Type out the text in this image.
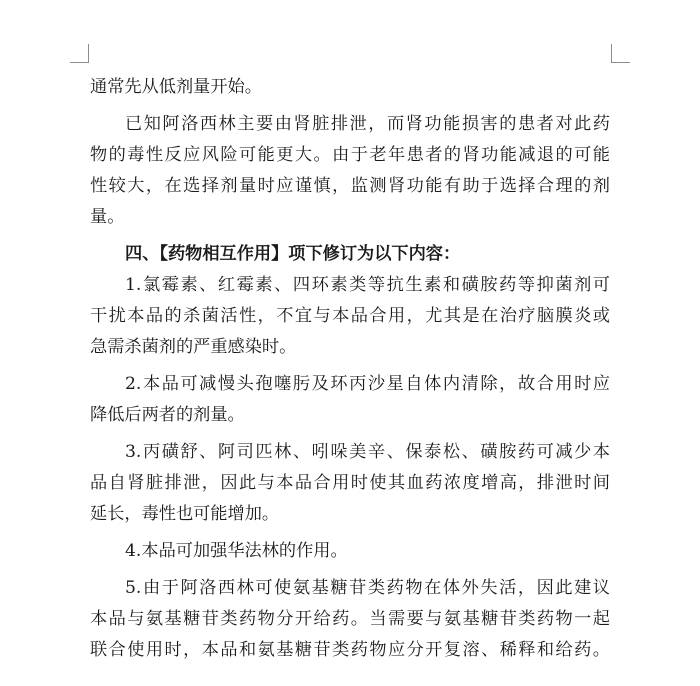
通常先从低剂量开始。
已知阿洛西林主要由肾脏排泄，而肾功能损害的患者对此药
物的毒性反应风险可能更大。由于老年患者的肾功能减退的可能
性较大，在选择剂量时应谨慎，监测肾功能有助于选择合理的剂
量。
四、【药物相互作用】项下修订为以下内容：
1.氯霉素、红霉素、四环素类等抗生素和磺胺药等抑菌剂可
干扰本品的杀菌活性，不宜与本品合用，尤其是在治疗脑膜炎或
急需杀菌剂的严重感染时。
2.本品可减慢头孢噻肟及环丙沙星自体内清除，故合用时应
降低后两者的剂量。
3.丙磺舒、阿司匹林、吲哚美辛、保泰松、磺胺药可减少本
品自肾脏排泄，因此与本品合用时使其血药浓度增高，排泄时间
延长，毒性也可能增加。
4.本品可加强华法林的作用。
5.由于阿洛西林可使氨基糖苷类药物在体外失活，因此建议
本品与氨基糖苷类药物分开给药。当需要与氨基糖苷类药物一起
联合使用时，本品和氨基糖苷类药物应分开复溶、稀释和给药。
